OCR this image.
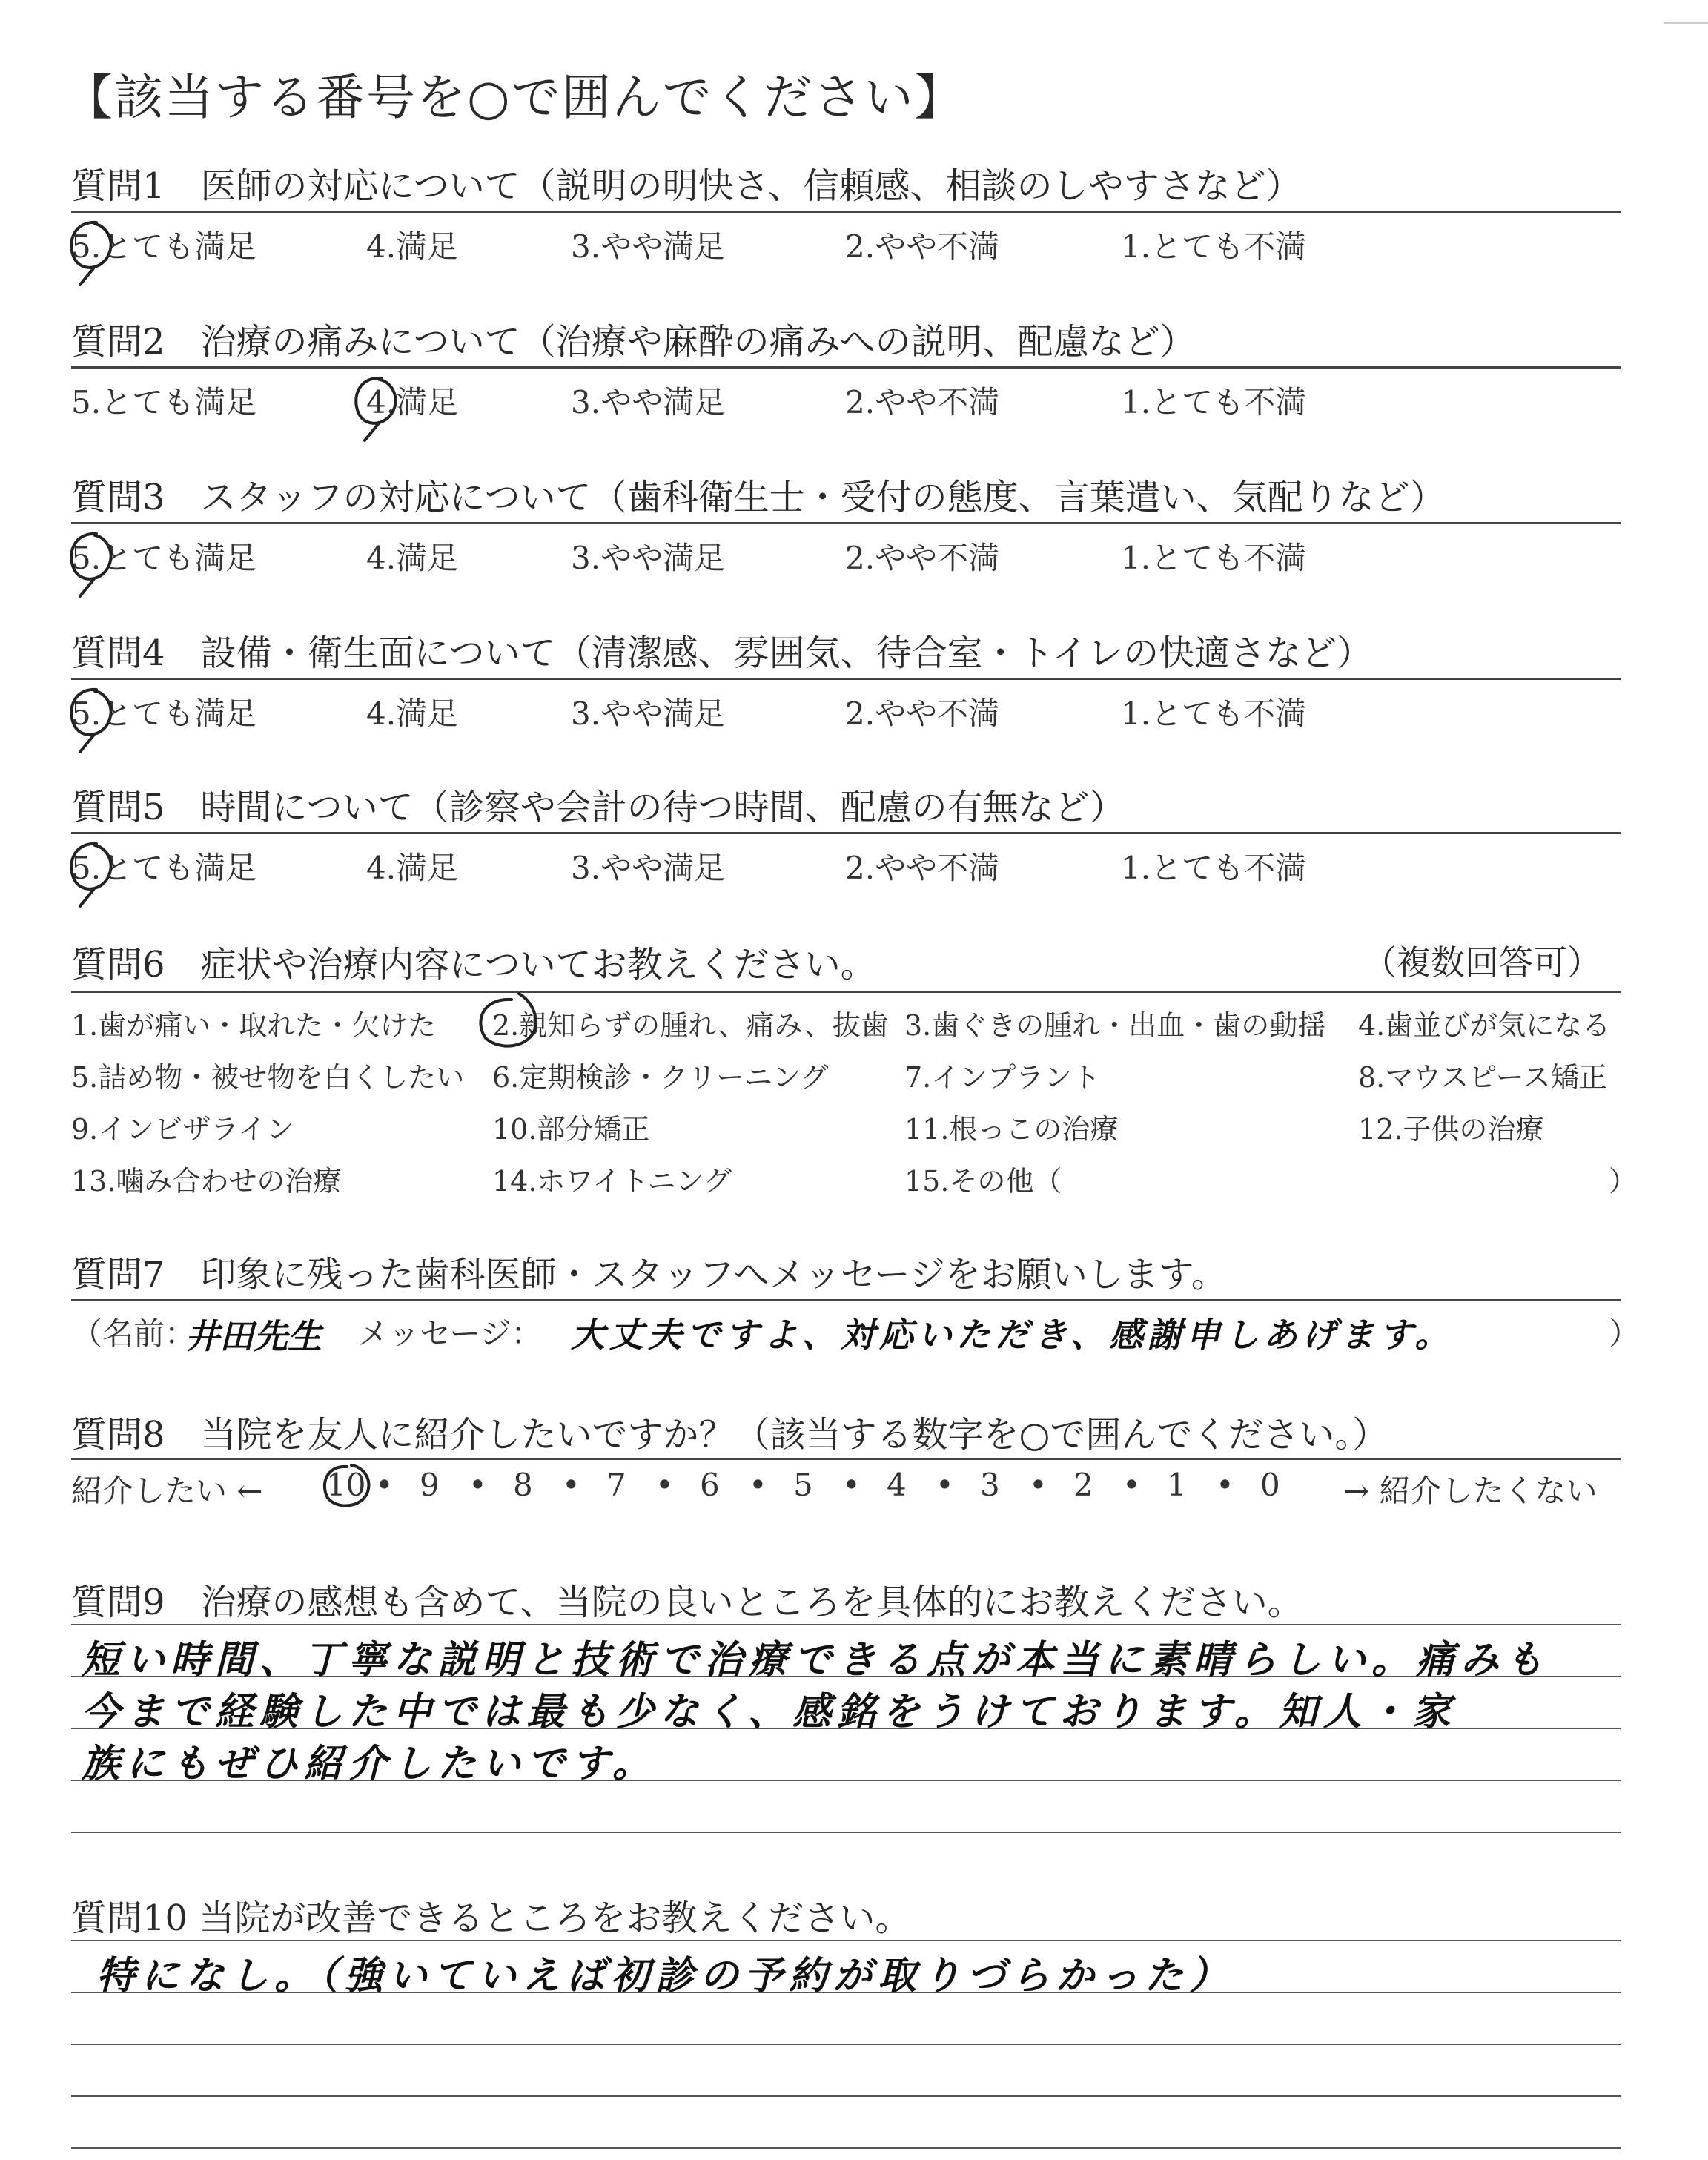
【該当する番号を○で囲んでください】
質問1　医師の対応について（説明の明快さ、信頼感、相談のしやすさなど）
5.とても満足	4.満足	3.やや満足	2.やや不満	1.とても不満
質問2　治療の痛みについて（治療や麻酔の痛みへの説明、配慮など）
5.とても満足	4.満足	3.やや満足	2.やや不満	1.とても不満
質問3　スタッフの対応について（歯科衛生士・受付の態度、言葉遣い、気配りなど）
5.とても満足	4.満足	3.やや満足	2.やや不満	1.とても不満
質問4　設備・衛生面について（清潔感、雰囲気、待合室・トイレの快適さなど）
5.とても満足	4.満足	3.やや満足	2.やや不満	1.とても不満
質問5　時間について（診察や会計の待つ時間、配慮の有無など）
5.とても満足	4.満足	3.やや満足	2.やや不満	1.とても不満
質問6　症状や治療内容についてお教えください。	（複数回答可）
1.歯が痛い・取れた・欠けた 2.親知らずの腫れ、痛み、抜歯 3.歯ぐきの腫れ・出血・歯の動揺 4.歯並びが気になる
5.詰め物・被せ物を白くしたい 6.定期検診・クリーニング	7.インプラント	8.マウスピース矯正
9.インビザライン	10.部分矯正	11.根っこの治療	12.子供の治療
13.噛み合わせの治療	14.ホワイトニング	15.その他（	）
質問7　印象に残った歯科医師・スタッフへメッセージをお願いします。
（名前：
井田先生 メッセージ： 大丈夫ですよ、対応いただき、感謝申しあげます。	）
質問8　当院を友人に紹介したいですか？（該当する数字を○で囲んでください。）
紹介したい ←	→ 紹介したくない
10 • 9 • 8 • 7 • 6 • 5 • 4 • 3 • 2 • 1 • 0
質問9　治療の感想も含めて、当院の良いところを具体的にお教えください。
短い時間、丁寧な説明と技術で治療できる点が本当に素晴らしい。痛みも
今まで経験した中では最も少なく、感銘をうけております。知人・家
族にもぜひ紹介したいです。
質問10 当院が改善できるところをお教えください。
特になし。（強いていえば初診の予約が取りづらかった）
